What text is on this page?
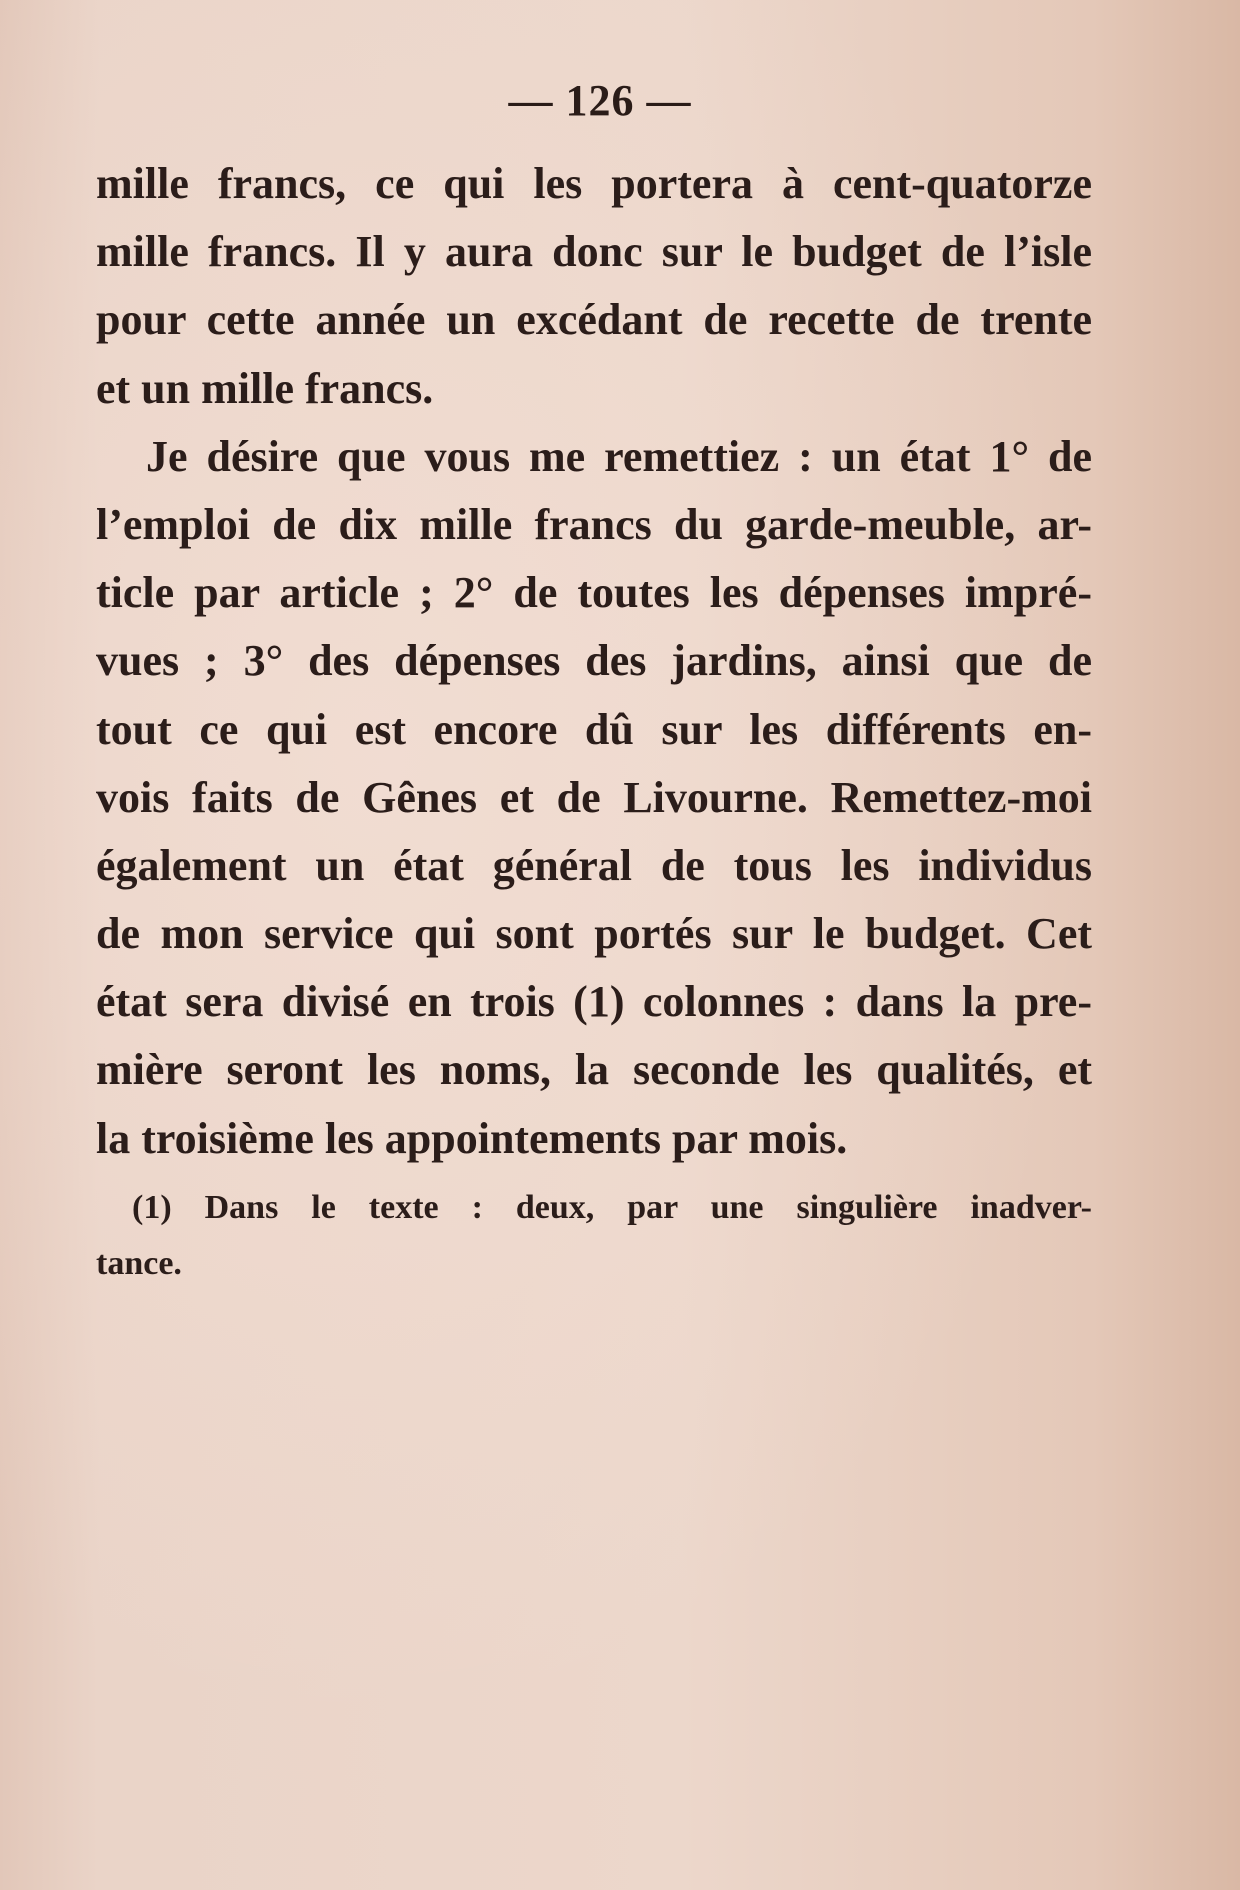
— 126 —
mille francs, ce qui les portera à cent-quatorze
mille francs. Il y aura donc sur le budget de l’isle
pour cette année un excédant de recette de trente
et un mille francs.
Je désire que vous me remettiez : un état 1° de
l’emploi de dix mille francs du garde-meuble, ar-
ticle par article ; 2° de toutes les dépenses impré-
vues ; 3° des dépenses des jardins, ainsi que de
tout ce qui est encore dû sur les différents en-
vois faits de Gênes et de Livourne. Remettez-moi
également un état général de tous les individus
de mon service qui sont portés sur le budget. Cet
état sera divisé en trois (1) colonnes : dans la pre-
mière seront les noms, la seconde les qualités, et
la troisième les appointements par mois.
(1) Dans le texte : deux, par une singulière inadver-
tance.
